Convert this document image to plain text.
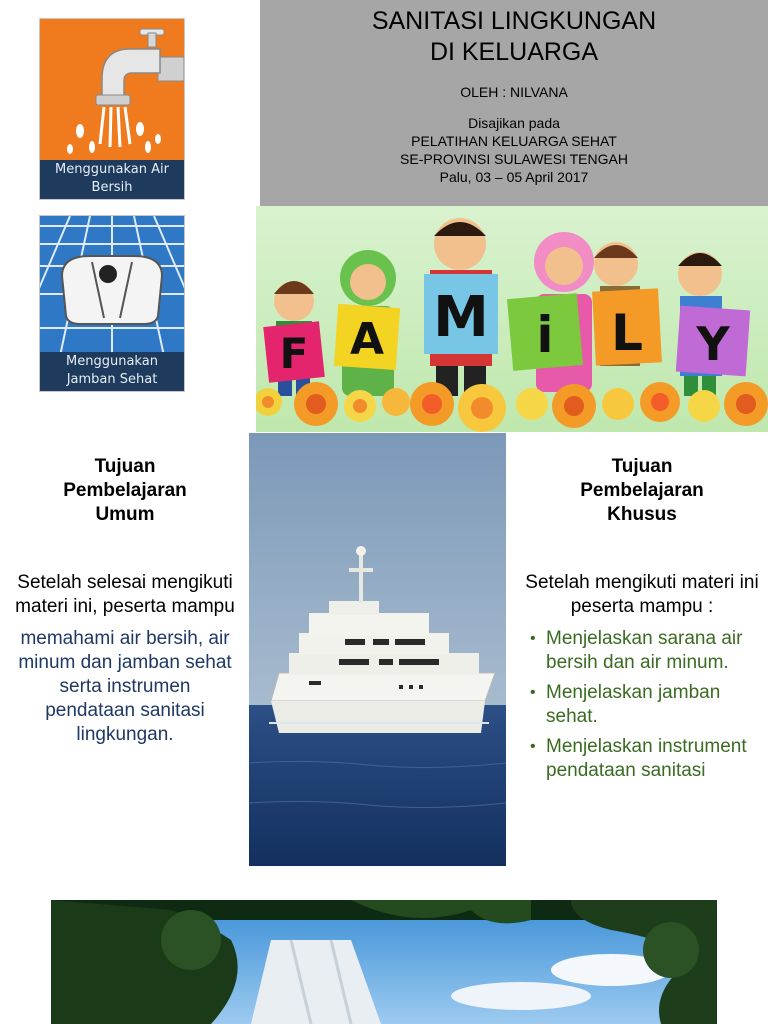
Menggunakan Air
Bersih
Menggunakan
Jamban Sehat
SANITASI LINGKUNGAN
DI KELUARGA
OLEH : NILVANA
Disajikan pada
PELATIHAN KELUARGA SEHAT
SE-PROVINSI SULAWESI TENGAH
Palu, 03 – 05 April 2017
F A M i L Y
Tujuan
Pembelajaran
Umum
Setelah selesai mengikuti materi ini, peserta mampu
memahami air bersih, air minum dan jamban sehat serta instrumen pendataan sanitasi lingkungan.
Tujuan
Pembelajaran
Khusus
Setelah mengikuti materi ini peserta mampu :
• Menjelaskan sarana air bersih dan air minum.
• Menjelaskan jamban sehat.
• Menjelaskan instrument pendataan sanitasi
